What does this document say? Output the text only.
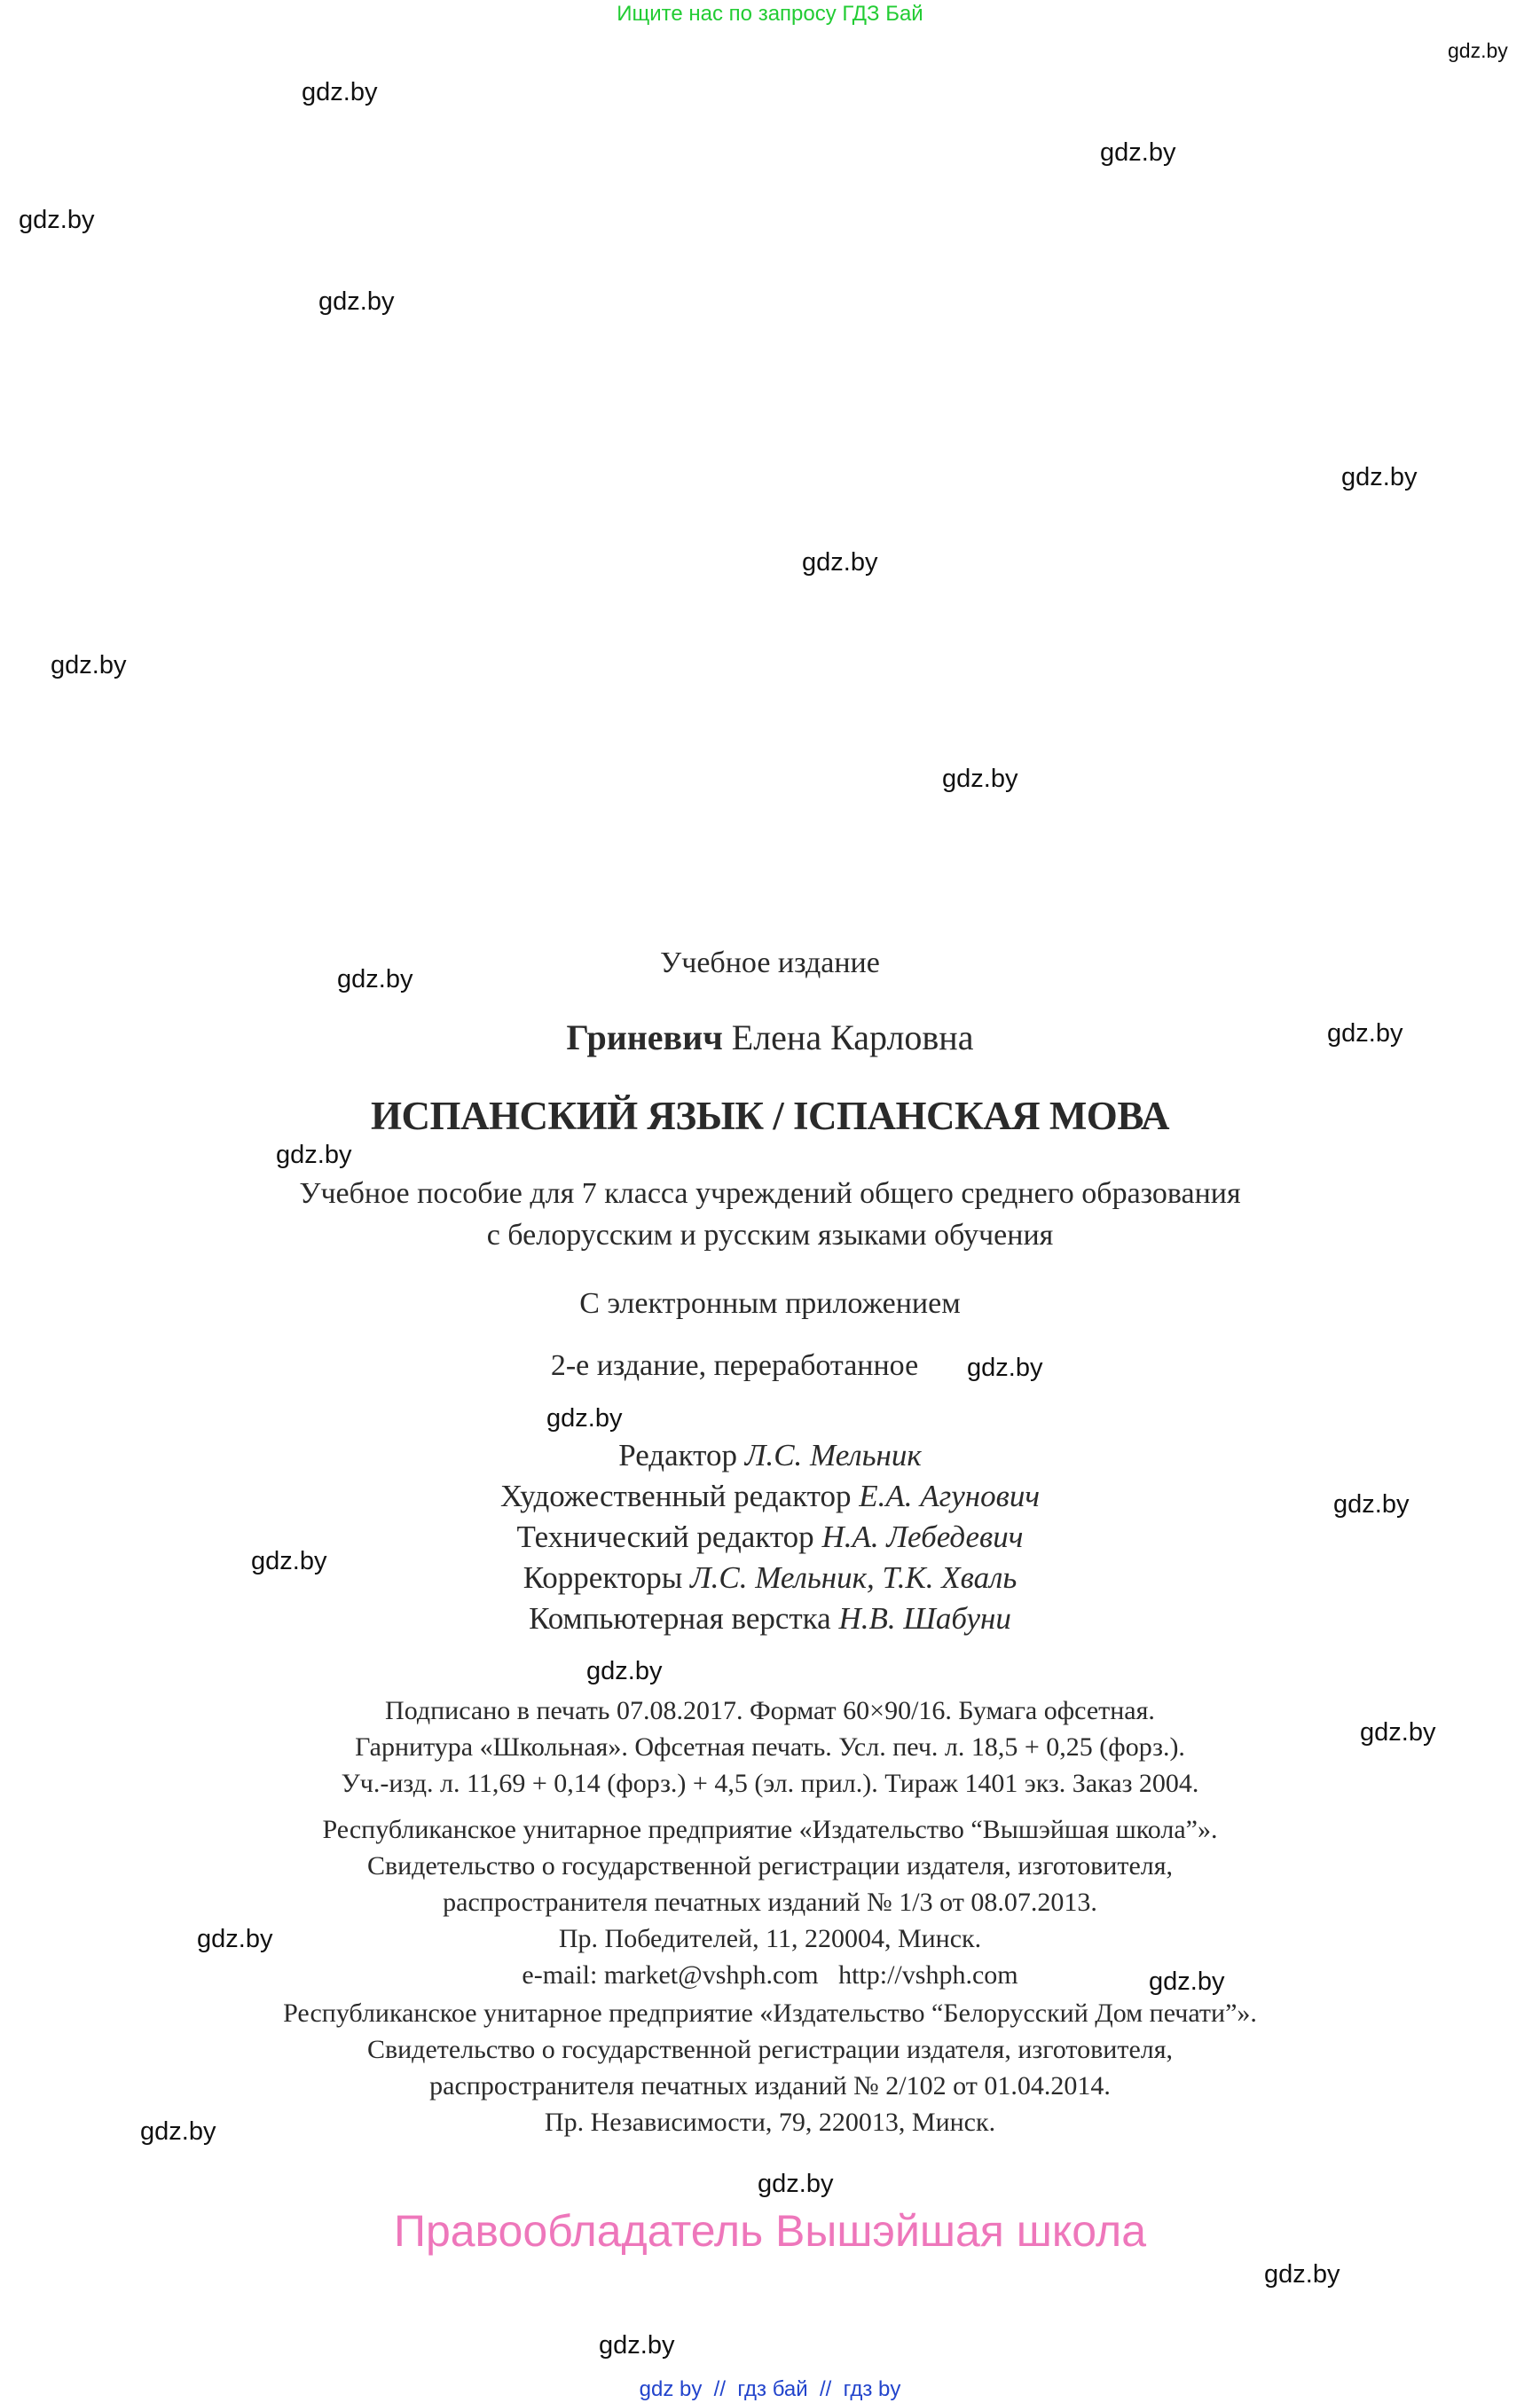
Ищите нас по запросу ГДЗ Бай
gdz.by
gdz.by
gdz.by
gdz.by
gdz.by
gdz.by
gdz.by
gdz.by
gdz.by
gdz.by
gdz.by
gdz.by
gdz.by
gdz.by
gdz.by
gdz.by
gdz.by
gdz.by
gdz.by
gdz.by
gdz.by
gdz.by
gdz.by
gdz.by
Учебное издание
Гриневич Елена Карловна
ИСПАНСКИЙ ЯЗЫК / ІСПАНСКАЯ МОВА
Учебное пособие для 7 класса учреждений общего среднего образования
с белорусским и русским языками обучения
С электронным приложением
2-е издание, переработанное
Редактор Л.С. Мельник
Художественный редактор Е.А. Агунович
Технический редактор Н.А. Лебедевич
Корректоры Л.С. Мельник, Т.К. Хваль
Компьютерная верстка Н.В. Шабуни
Подписано в печать 07.08.2017. Формат 60×90/16. Бумага офсетная.
Гарнитура «Школьная». Офсетная печать. Усл. печ. л. 18,5 + 0,25 (форз.).
Уч.-изд. л. 11,69 + 0,14 (форз.) + 4,5 (эл. прил.). Тираж 1401 экз. Заказ 2004.
Республиканское унитарное предприятие «Издательство “Вышэйшая школа”».
Свидетельство о государственной регистрации издателя, изготовителя,
распространителя печатных изданий № 1/3 от 08.07.2013.
Пр. Победителей, 11, 220004, Минск.
e-mail: market@vshph.com   http://vshph.com
Республиканское унитарное предприятие «Издательство “Белорусский Дом печати”».
Свидетельство о государственной регистрации издателя, изготовителя,
распространителя печатных изданий № 2/102 от 01.04.2014.
Пр. Независимости, 79, 220013, Минск.
Правообладатель Вышэйшая школа
gdz by  //  гдз бай  //  гдз by
